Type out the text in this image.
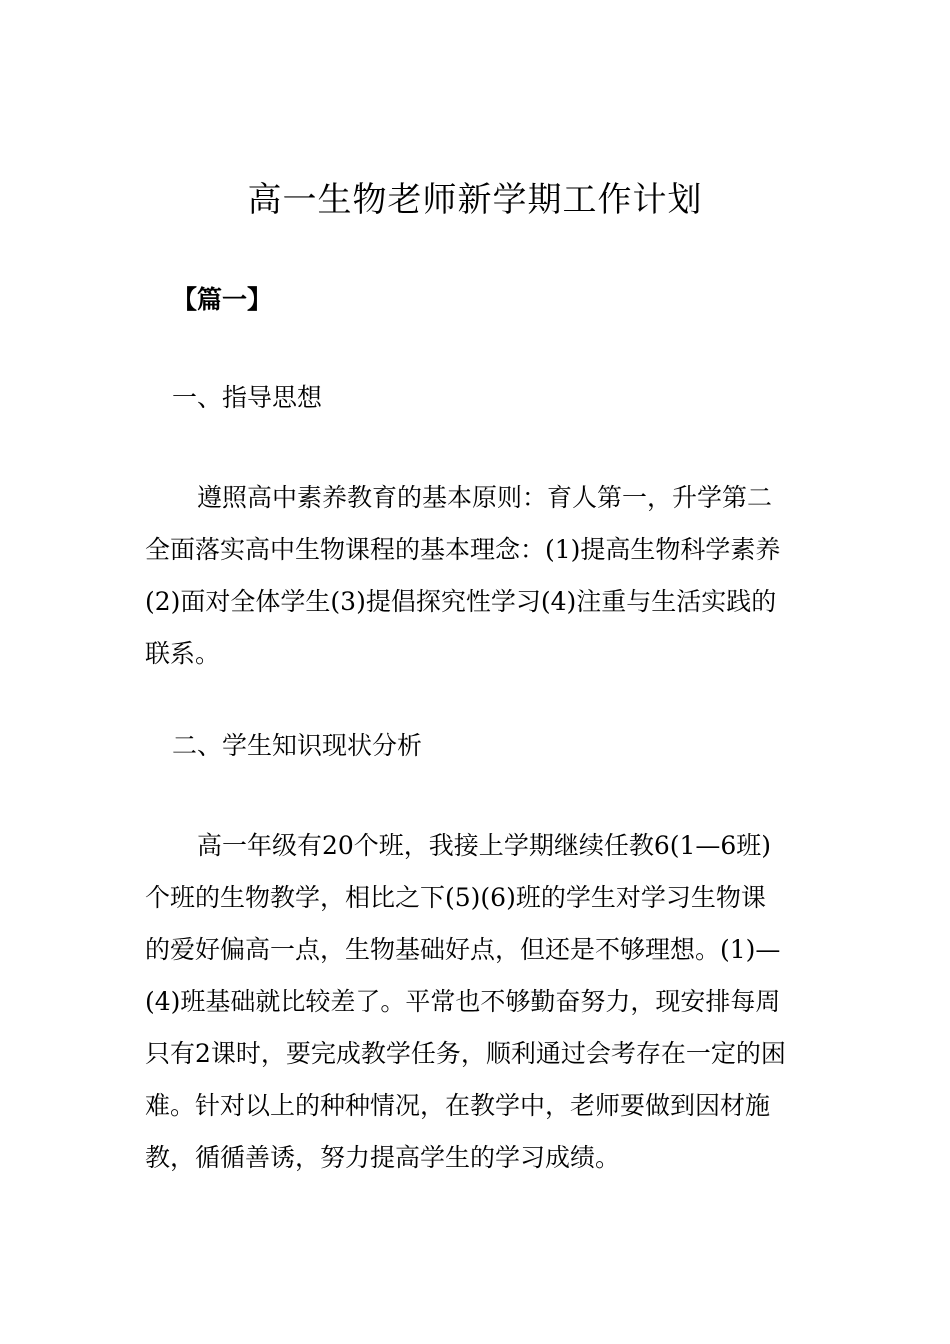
高一生物老师新学期工作计划

【篇一】

一、指导思想

遵照高中素养教育的基本原则：育人第一，升学第二
全面落实高中生物课程的基本理念：(1)提高生物科学素养
(2)面对全体学生(3)提倡探究性学习(4)注重与生活实践的
联系。

二、学生知识现状分析

高一年级有20个班，我接上学期继续任教6(1—6班)
个班的生物教学，相比之下(5)(6)班的学生对学习生物课
的爱好偏高一点，生物基础好点，但还是不够理想。(1)—
(4)班基础就比较差了。平常也不够勤奋努力，现安排每周
只有2课时，要完成教学任务，顺利通过会考存在一定的困
难。针对以上的种种情况，在教学中，老师要做到因材施
教，循循善诱，努力提高学生的学习成绩。
